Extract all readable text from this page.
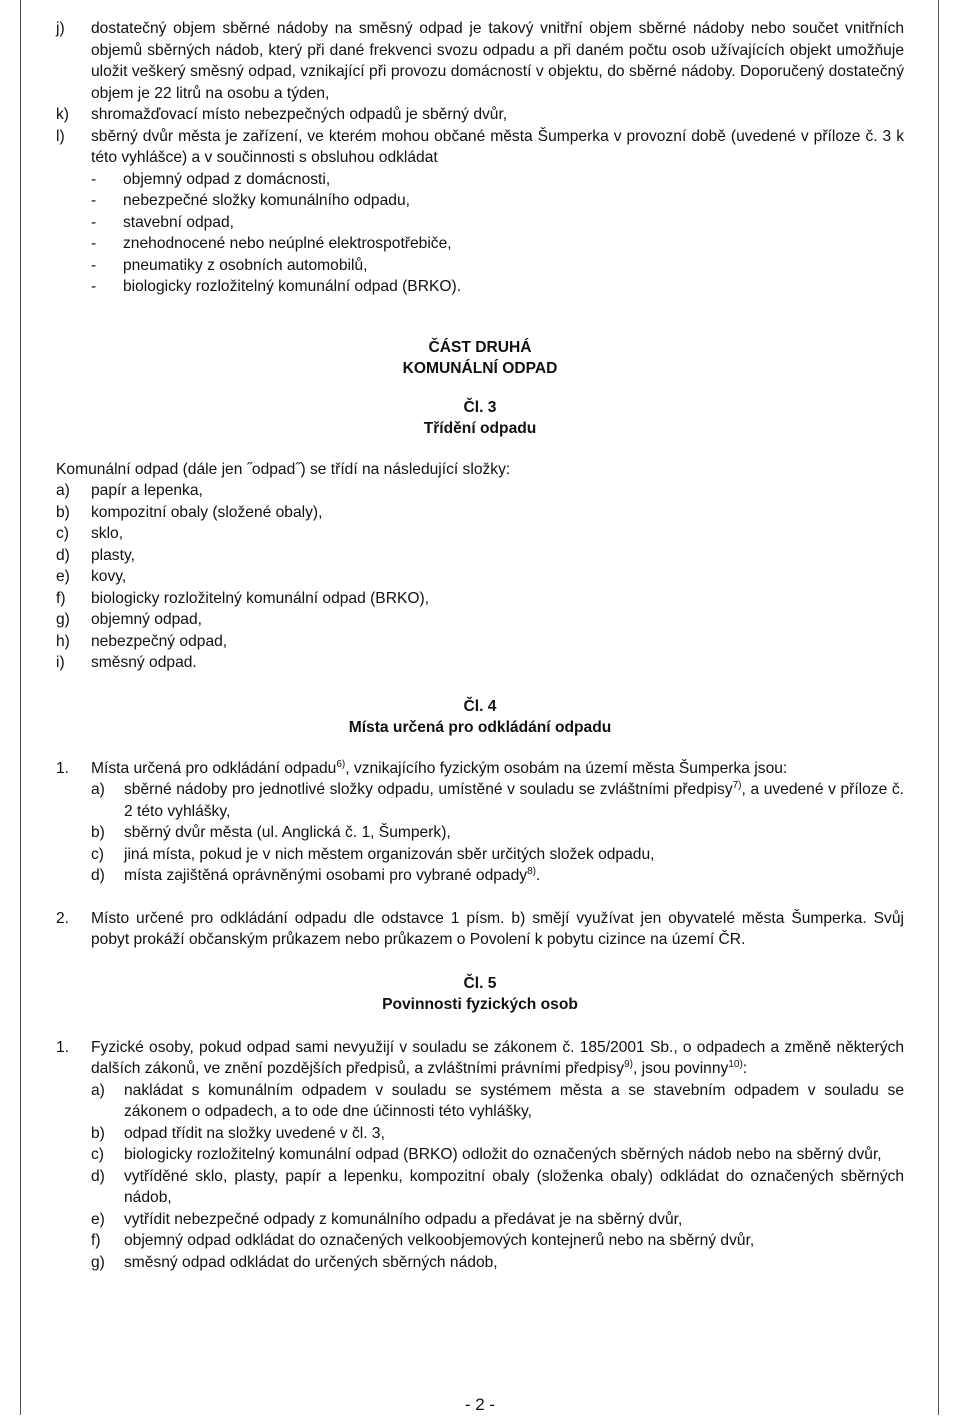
j)	dostatečný objem sběrné nádoby na směsný odpad je takový vnitřní objem sběrné nádoby nebo součet vnitřních objemů sběrných nádob, který při dané frekvenci svozu odpadu a při daném počtu osob užívajících objekt umožňuje uložit veškerý směsný odpad, vznikající při provozu domácností v objektu, do sběrné nádoby. Doporučený dostatečný objem je 22 litrů na osobu a týden,
k)	shromažďovací místo nebezpečných odpadů je sběrný dvůr,
l)	sběrný dvůr města je zařízení, ve kterém mohou občané města Šumperka v provozní době (uvedené v příloze č. 3 k této vyhlášce) a v součinnosti s obsluhou odkládat
-	objemný odpad z domácnosti,
-	nebezpečné složky komunálního odpadu,
-	stavební odpad,
-	znehodnocené nebo neúplné elektrospotřebiče,
-	pneumatiky z osobních automobilů,
-	biologicky rozložitelný komunální odpad (BRKO).
ČÁST DRUHÁ
KOMUNÁLNÍ ODPAD
Čl. 3
Třídění odpadu
Komunální odpad (dále jen ˝odpad˝) se třídí na následující složky:
a)	papír a lepenka,
b)	kompozitní obaly (složené obaly),
c)	sklo,
d)	plasty,
e)	kovy,
f)	biologicky rozložitelný komunální odpad (BRKO),
g)	objemný odpad,
h)	nebezpečný odpad,
i)	směsný odpad.
Čl. 4
Místa určená pro odkládání odpadu
1.	Místa určená pro odkládání odpadu$^{6)}$, vznikajícího fyzickým osobám na území města Šumperka jsou:
a)	sběrné nádoby pro jednotlivé složky odpadu, umístěné v souladu se zvláštními předpisy$^{7)}$, a uvedené v příloze č. 2 této vyhlášky,
b)	sběrný dvůr města (ul. Anglická č. 1, Šumperk),
c)	jiná místa, pokud je v nich městem organizován sběr určitých složek odpadu,
d)	místa zajištěná oprávněnými osobami pro vybrané odpady$^{8)}$.
2.	Místo určené pro odkládání odpadu dle odstavce 1 písm. b) smějí využívat jen obyvatelé města Šumperka. Svůj pobyt prokáží občanským průkazem nebo průkazem o Povolení k pobytu cizince na území ČR.
Čl. 5
Povinnosti fyzických osob
1.	Fyzické osoby, pokud odpad sami nevyužijí v souladu se zákonem č. 185/2001 Sb., o odpadech a změně některých dalších zákonů, ve znění pozdějších předpisů, a zvláštními právními předpisy$^{9)}$, jsou povinny$^{10)}$:
a)	nakládat s komunálním odpadem v souladu se systémem města a se stavebním odpadem v souladu se zákonem o odpadech, a to ode dne účinnosti této vyhlášky,
b)	odpad třídit na složky uvedené v čl. 3,
c)	biologicky rozložitelný komunální odpad (BRKO) odložit do označených sběrných nádob nebo na sběrný dvůr,
d)	vytříděné sklo, plasty, papír a lepenku, kompozitní obaly (složenka obaly) odkládat do označených sběrných nádob,
e)	vytřídit nebezpečné odpady z komunálního odpadu a předávat je na sběrný dvůr,
f)	objemný odpad odkládat do označených velkoobjemových kontejnerů nebo na sběrný dvůr,
g)	směsný odpad odkládat do určených sběrných nádob,
- 2 -
